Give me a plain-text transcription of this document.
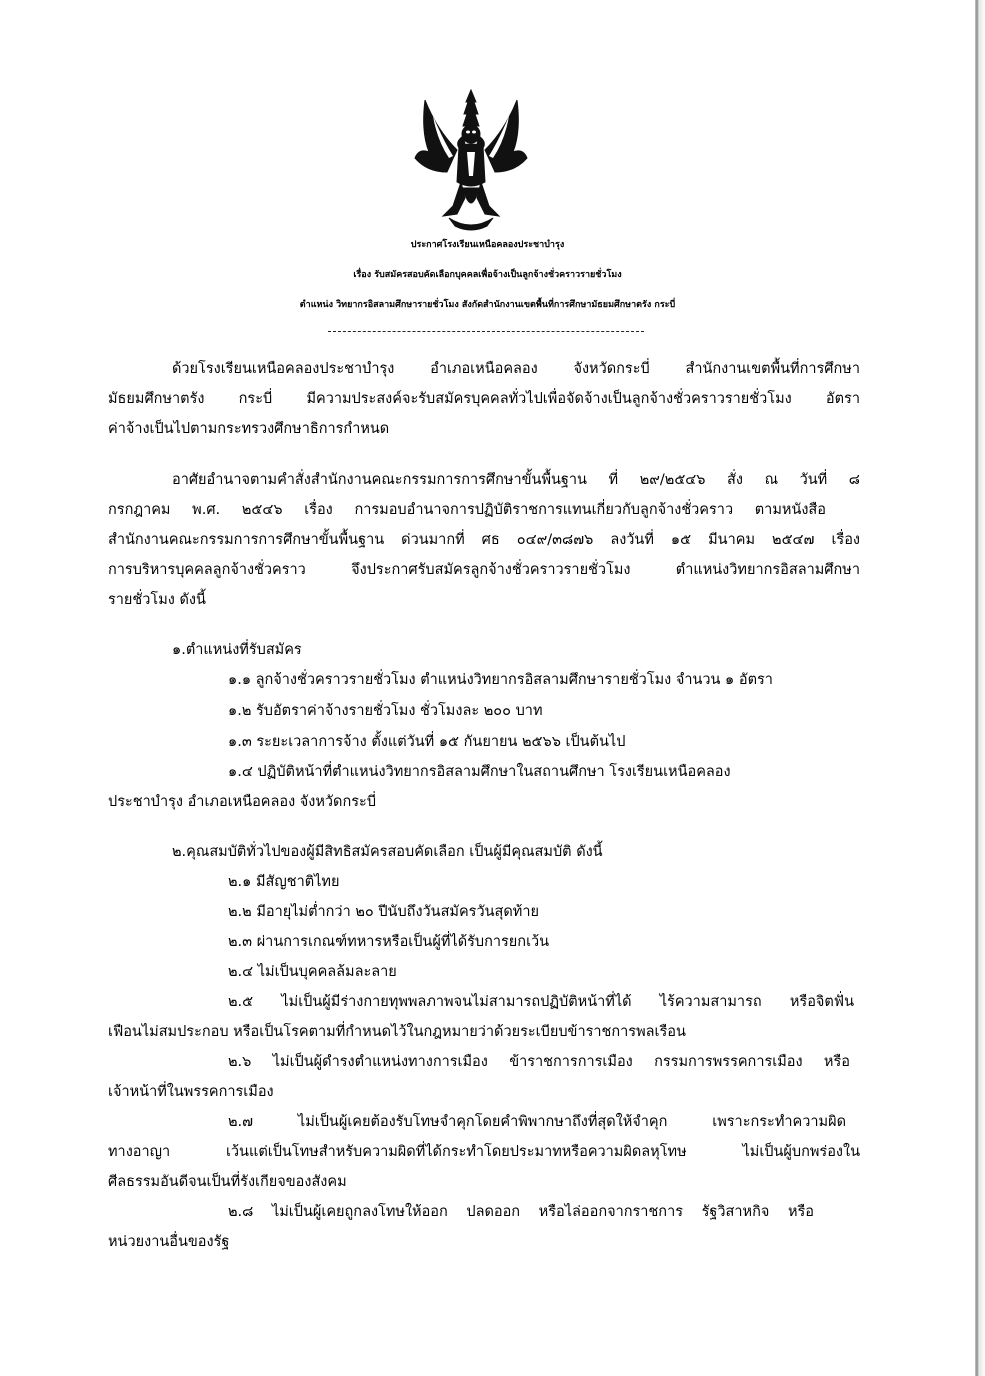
ประกาศโรงเรียนเหนือคลองประชาบำรุง
เรื่อง รับสมัครสอบคัดเลือกบุคคลเพื่อจ้างเป็นลูกจ้างชั่วคราวรายชั่วโมง
ตำแหน่ง วิทยากรอิสลามศึกษารายชั่วโมง สังกัดสำนักงานเขตพื้นที่การศึกษามัธยมศึกษาตรัง กระบี่
ด้วยโรงเรียนเหนือคลองประชาบำรุง อำเภอเหนือคลอง จังหวัดกระบี่ สำนักงานเขตพื้นที่การศึกษา
มัธยมศึกษาตรัง กระบี่ มีความประสงค์จะรับสมัครบุคคลทั่วไปเพื่อจัดจ้างเป็นลูกจ้างชั่วคราวรายชั่วโมง อัตรา
ค่าจ้างเป็นไปตามกระทรวงศึกษาธิการกำหนด
อาศัยอำนาจตามคำสั่งสำนักงานคณะกรรมการการศึกษาขั้นพื้นฐาน ที่ ๒๙/๒๕๔๖ สั่ง ณ วันที่ ๘
กรกฎาคม พ.ศ. ๒๕๔๖ เรื่อง การมอบอำนาจการปฏิบัติราชการแทนเกี่ยวกับลูกจ้างชั่วคราว ตามหนังสือ
สำนักงานคณะกรรมการการศึกษาขั้นพื้นฐาน ด่วนมากที่ ศธ ๐๔๙/๓๘๗๖ ลงวันที่ ๑๕ มีนาคม ๒๕๔๗ เรื่อง
การบริหารบุคคลลูกจ้างชั่วคราว จึงประกาศรับสมัครลูกจ้างชั่วคราวรายชั่วโมง ตำแหน่งวิทยากรอิสลามศึกษา
รายชั่วโมง ดังนี้
๑.ตำแหน่งที่รับสมัคร
๑.๑ ลูกจ้างชั่วคราวรายชั่วโมง ตำแหน่งวิทยากรอิสลามศึกษารายชั่วโมง จำนวน ๑ อัตรา
๑.๒ รับอัตราค่าจ้างรายชั่วโมง ชั่วโมงละ ๒๐๐ บาท
๑.๓ ระยะเวลาการจ้าง ตั้งแต่วันที่ ๑๕ กันยายน ๒๕๖๖ เป็นต้นไป
๑.๔ ปฏิบัติหน้าที่ตำแหน่งวิทยากรอิสลามศึกษาในสถานศึกษา โรงเรียนเหนือคลอง
ประชาบำรุง อำเภอเหนือคลอง จังหวัดกระบี่
๒.คุณสมบัติทั่วไปของผู้มีสิทธิสมัครสอบคัดเลือก เป็นผู้มีคุณสมบัติ ดังนี้
๒.๑ มีสัญชาติไทย
๒.๒ มีอายุไม่ต่ำกว่า ๒๐ ปีนับถึงวันสมัครวันสุดท้าย
๒.๓ ผ่านการเกณฑ์ทหารหรือเป็นผู้ที่ได้รับการยกเว้น
๒.๔ ไม่เป็นบุคคลล้มละลาย
๒.๕ ไม่เป็นผู้มีร่างกายทุพพลภาพจนไม่สามารถปฏิบัติหน้าที่ได้ ไร้ความสามารถ หรือจิตฟั่น
เฟือนไม่สมประกอบ หรือเป็นโรคตามที่กำหนดไว้ในกฎหมายว่าด้วยระเบียบข้าราชการพลเรือน
๒.๖ ไม่เป็นผู้ดำรงตำแหน่งทางการเมือง ข้าราชการการเมือง กรรมการพรรคการเมือง หรือ
เจ้าหน้าที่ในพรรคการเมือง
๒.๗ ไม่เป็นผู้เคยต้องรับโทษจำคุกโดยคำพิพากษาถึงที่สุดให้จำคุก เพราะกระทำความผิด
ทางอาญา เว้นแต่เป็นโทษสำหรับความผิดที่ได้กระทำโดยประมาทหรือความผิดลหุโทษ ไม่เป็นผู้บกพร่องใน
ศีลธรรมอันดีจนเป็นที่รังเกียจของสังคม
๒.๘ ไม่เป็นผู้เคยถูกลงโทษให้ออก ปลดออก หรือไล่ออกจากราชการ รัฐวิสาหกิจ หรือ
หน่วยงานอื่นของรัฐ
